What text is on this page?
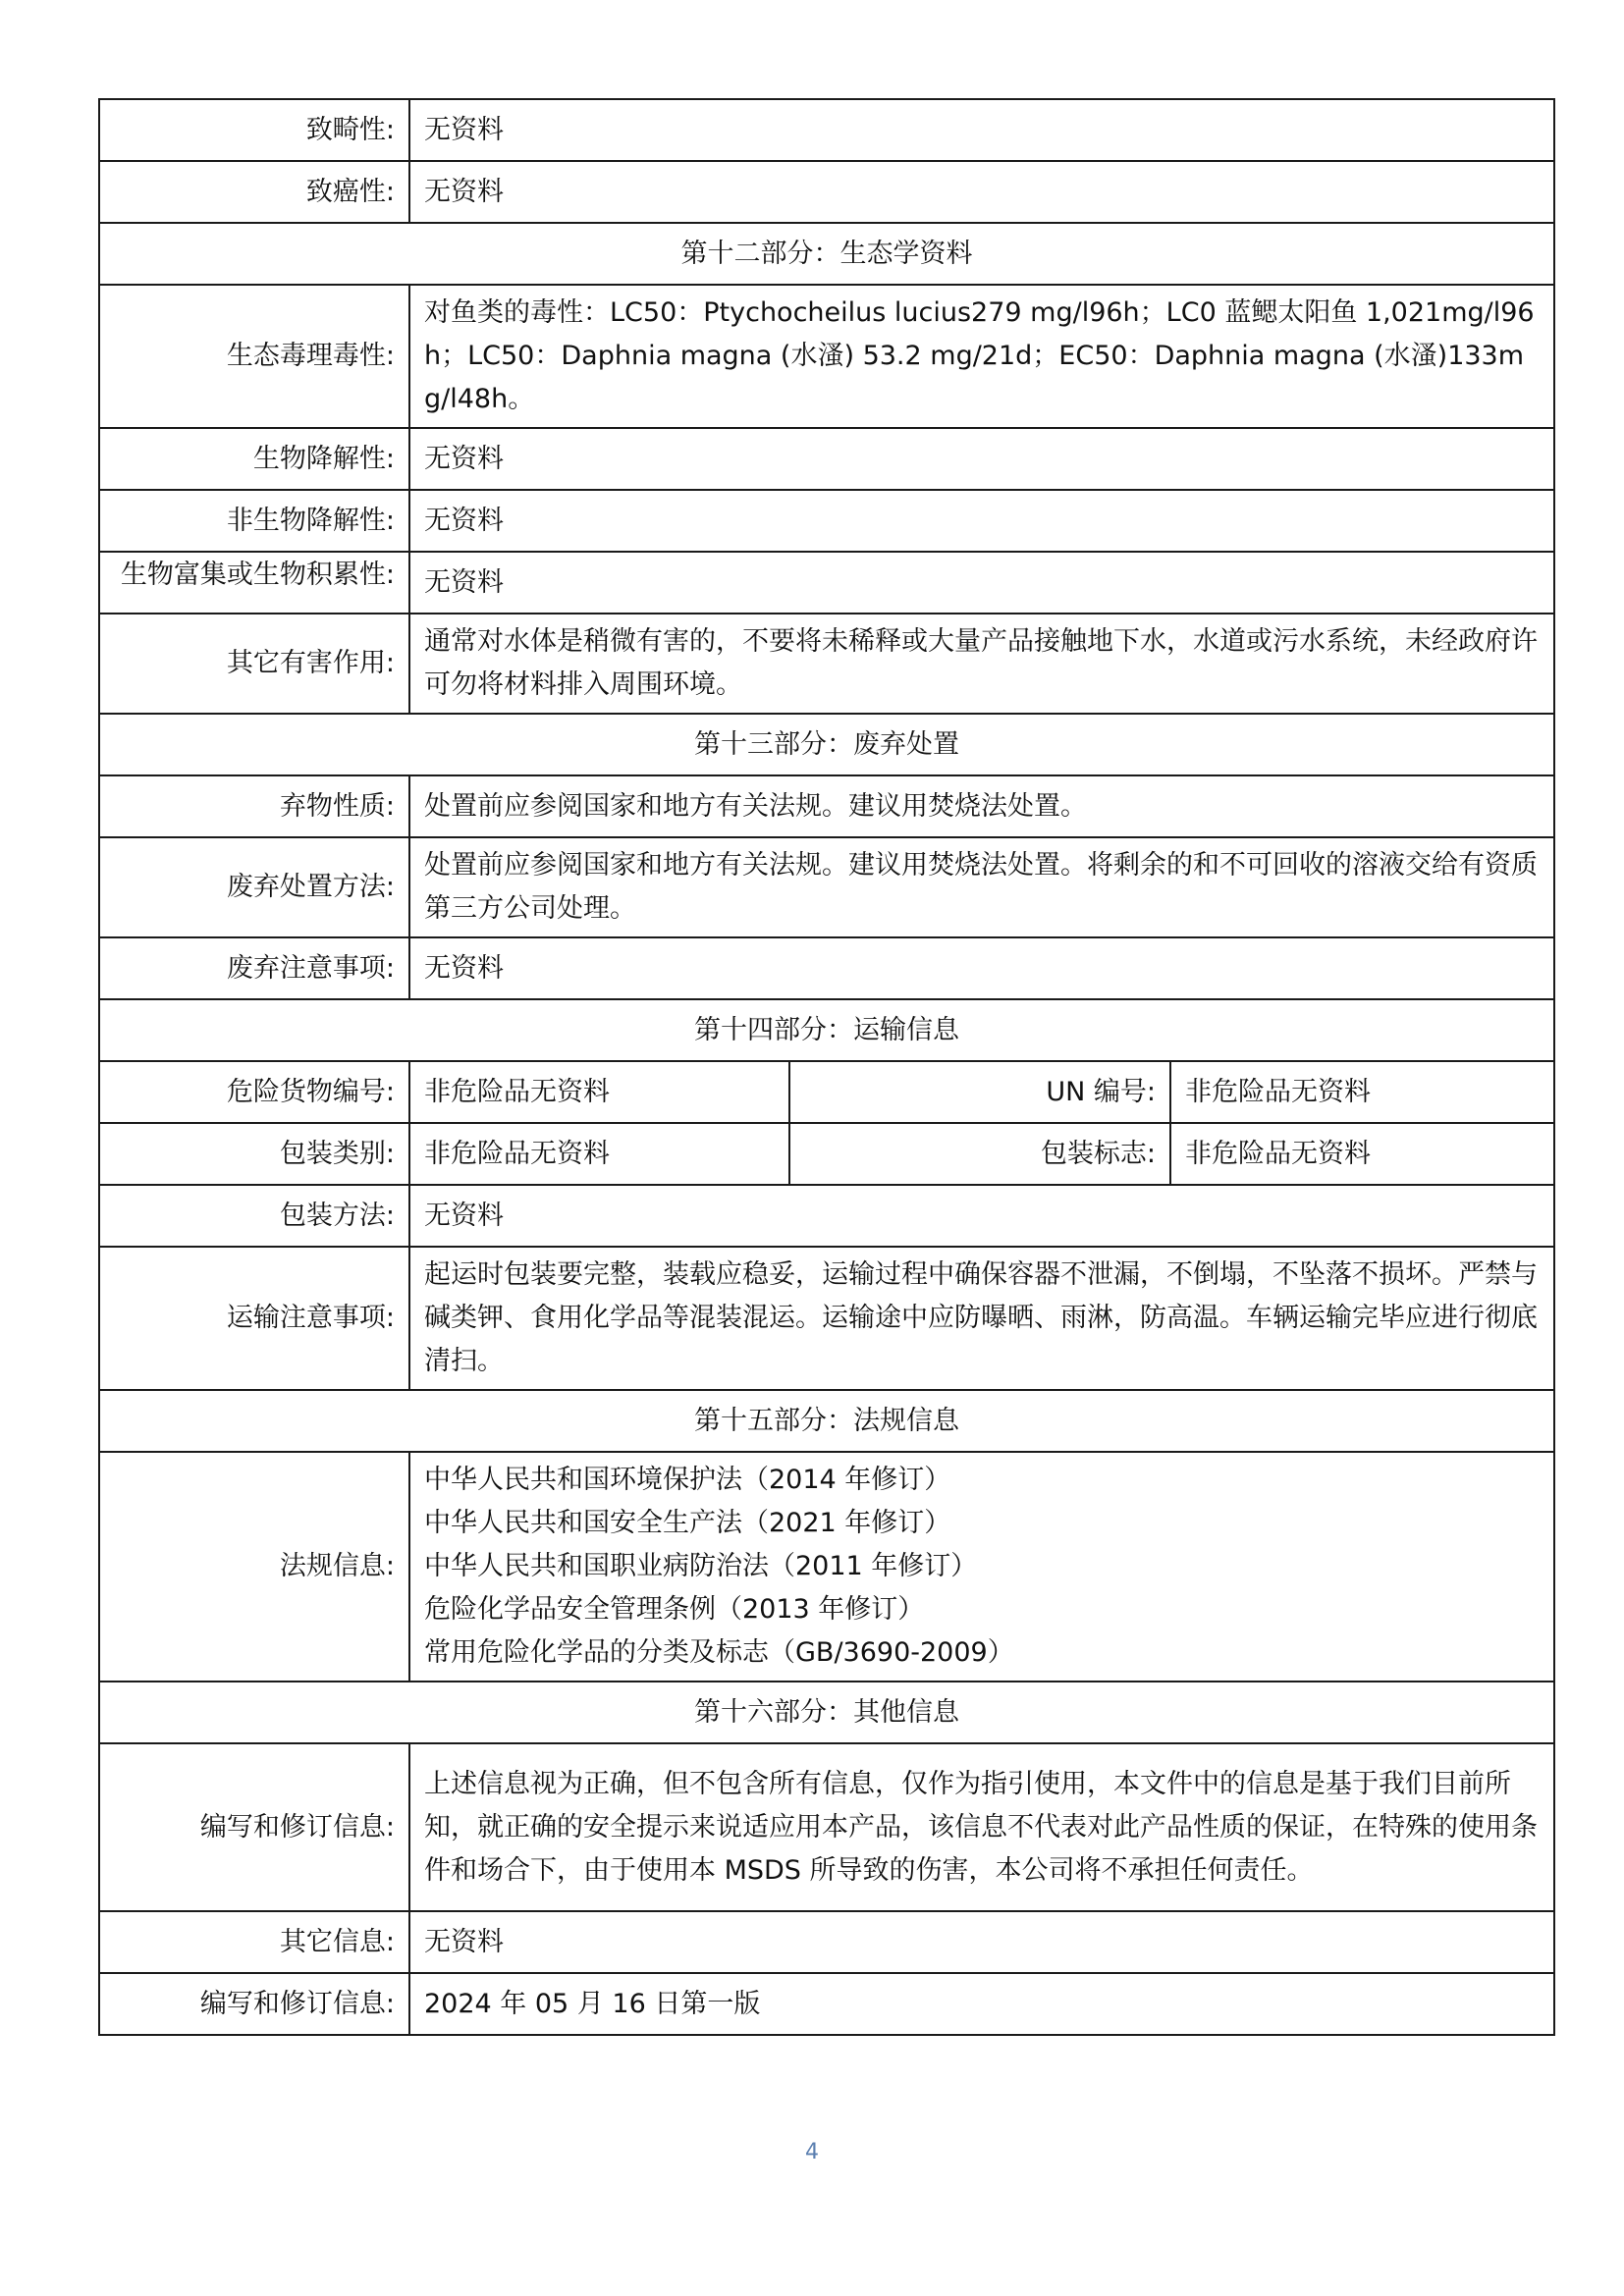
致畸性:	无资料		
致癌性:	无资料		
第十二部分：生态学资料			
生态毒理毒性:	对鱼类的毒性：LC50：Ptychocheilus lucius279 mg/l96h；LC0 蓝鳃太阳鱼 1,021mg/l96h；LC50：Daphnia magna (水溞) 53.2 mg/21d；EC50：Daphnia magna (水溞)133mg/l48h。		
生物降解性:	无资料		
非生物降解性:	无资料		

生物富集或生物积累性:	无资料		
其它有害作用:	通常对水体是稍微有害的，不要将未稀释或大量产品接触地下水，水道或污水系统，未经政府许可勿将材料排入周围环境。		
第十三部分：废弃处置			
弃物性质:	处置前应参阅国家和地方有关法规。建议用焚烧法处置。		
废弃处置方法:	处置前应参阅国家和地方有关法规。建议用焚烧法处置。将剩余的和不可回收的溶液交给有资质第三方公司处理。		
废弃注意事项:	无资料		
第十四部分：运输信息			
危险货物编号:	非危险品无资料	UN 编号:	非危险品无资料
包装类别:	非危险品无资料	包装标志:	非危险品无资料
包装方法:	无资料		
运输注意事项:	起运时包装要完整，装载应稳妥，运输过程中确保容器不泄漏，不倒塌，不坠落不损坏。严禁与碱类钾、食用化学品等混装混运。运输途中应防曝晒、雨淋，防高温。车辆运输完毕应进行彻底清扫。		
第十五部分：法规信息			
法规信息:	中华人民共和国环境保护法（2014 年修订）
中华人民共和国安全生产法（2021 年修订）
中华人民共和国职业病防治法（2011 年修订）
危险化学品安全管理条例（2013 年修订）
常用危险化学品的分类及标志（GB/3690-2009）		

第十六部分：其他信息			
编写和修订信息:	上述信息视为正确，但不包含所有信息，仅作为指引使用，本文件中的信息是基于我们目前所知，就正确的安全提示来说适应用本产品，该信息不代表对此产品性质的保证，在特殊的使用条件和场合下，由于使用本 MSDS 所导致的伤害，本公司将不承担任何责任。		
其它信息:	无资料		
编写和修订信息:	2024 年 05 月 16 日第一版		
4
